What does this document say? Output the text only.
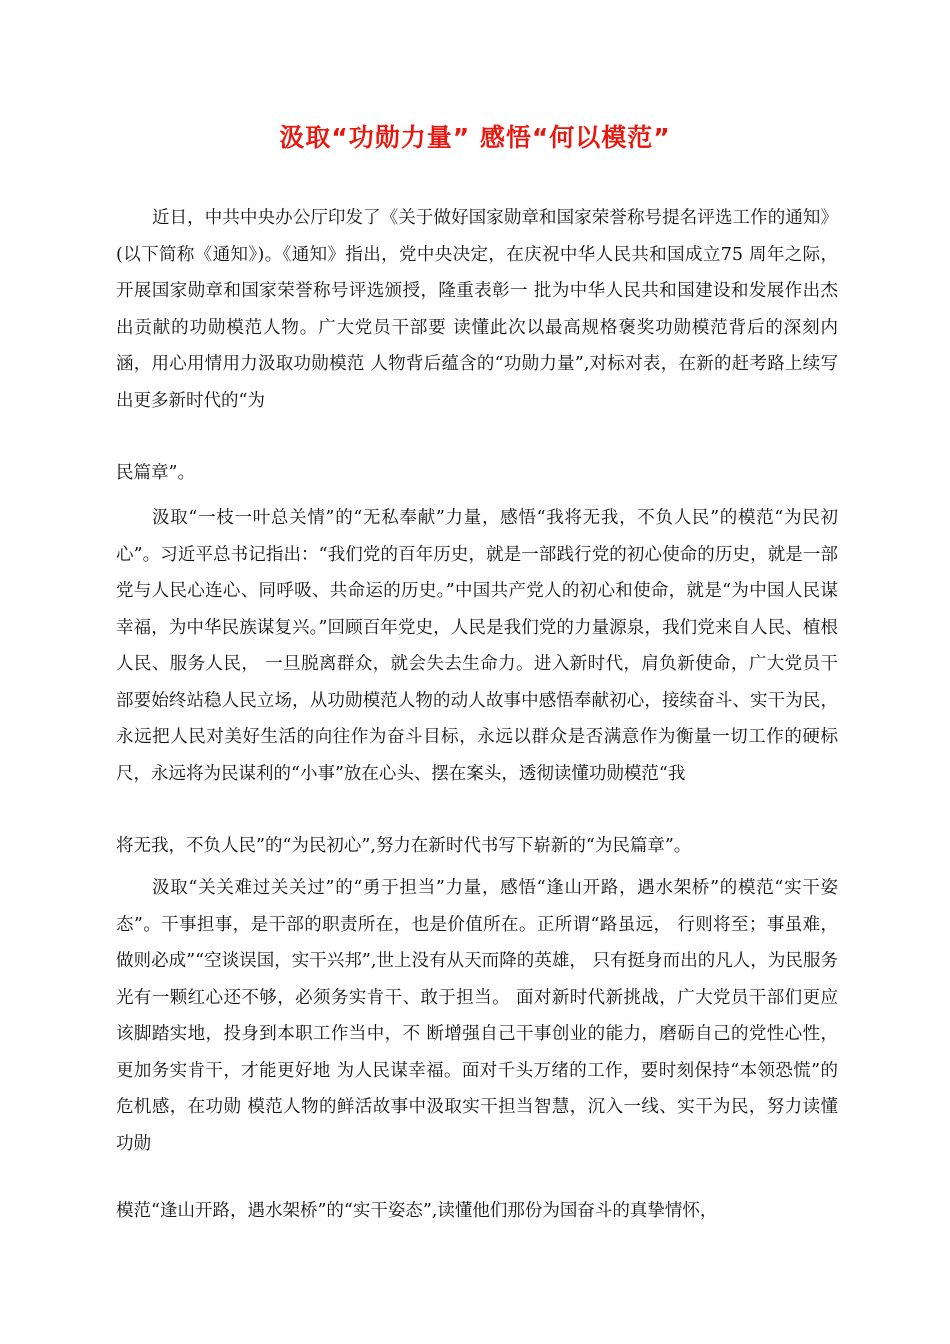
汲取“功勋力量” 感悟“何以模范”

近日，中共中央办公厅印发了《关于做好国家勋章和国家荣誉称号提名评选工作的通知》(以下简称《通知》)。《通知》指出，党中央决定，在庆祝中华人民共和国成立75 周年之际，开展国家勋章和国家荣誉称号评选颁授，隆重表彰一 批为中华人民共和国建设和发展作出杰出贡献的功勋模范人物。广大党员干部要 读懂此次以最高规格褒奖功勋模范背后的深刻内涵，用心用情用力汲取功勋模范 人物背后蕴含的“功勋力量”,对标对表，在新的赶考路上续写出更多新时代的“为

民篇章”。

汲取“一枝一叶总关情”的“无私奉献”力量，感悟“我将无我，不负人民”的模范“为民初心”。习近平总书记指出：“我们党的百年历史，就是一部践行党的初心使命的历史，就是一部党与人民心连心、同呼吸、共命运的历史。”中国共产党人的初心和使命，就是“为中国人民谋幸福，为中华民族谋复兴。”回顾百年党史，人民是我们党的力量源泉，我们党来自人民、植根人民、服务人民， 一旦脱离群众，就会失去生命力。进入新时代，肩负新使命，广大党员干部要始终站稳人民立场，从功勋模范人物的动人故事中感悟奉献初心，接续奋斗、实干为民，永远把人民对美好生活的向往作为奋斗目标，永远以群众是否满意作为衡量一切工作的硬标尺，永远将为民谋利的“小事”放在心头、摆在案头，透彻读懂功勋模范“我

将无我，不负人民”的“为民初心”,努力在新时代书写下崭新的“为民篇章”。

汲取“关关难过关关过”的“勇于担当”力量，感悟“逢山开路，遇水架桥”的模范“实干姿态”。干事担事，是干部的职责所在，也是价值所在。正所谓“路虽远， 行则将至；事虽难，做则必成”“空谈误国，实干兴邦”,世上没有从天而降的英雄， 只有挺身而出的凡人，为民服务光有一颗红心还不够，必须务实肯干、敢于担当。 面对新时代新挑战，广大党员干部们更应该脚踏实地，投身到本职工作当中，不 断增强自己干事创业的能力，磨砺自己的党性心性，更加务实肯干，才能更好地 为人民谋幸福。面对千头万绪的工作，要时刻保持“本领恐慌”的危机感，在功勋 模范人物的鲜活故事中汲取实干担当智慧，沉入一线、实干为民，努力读懂功勋

模范“逢山开路，遇水架桥”的“实干姿态”,读懂他们那份为国奋斗的真挚情怀，
